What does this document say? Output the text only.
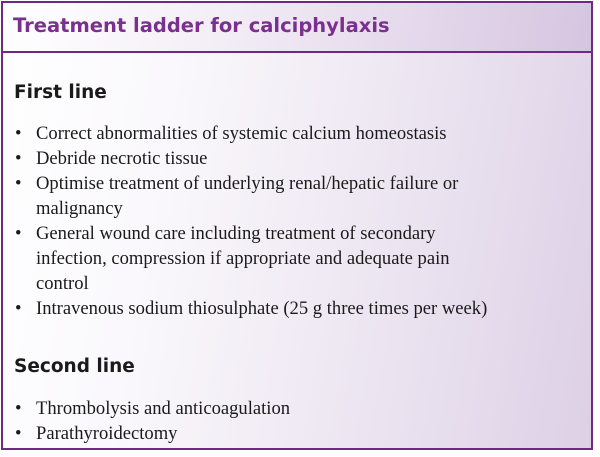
Treatment ladder for calciphylaxis
First line
• Correct abnormalities of systemic calcium homeostasis
• Debride necrotic tissue
• Optimise treatment of underlying renal/hepatic failure or
malignancy
• General wound care including treatment of secondary
infection, compression if appropriate and adequate pain
control
• Intravenous sodium thiosulphate (25 g three times per week)
Second line
• Thrombolysis and anticoagulation
• Parathyroidectomy
